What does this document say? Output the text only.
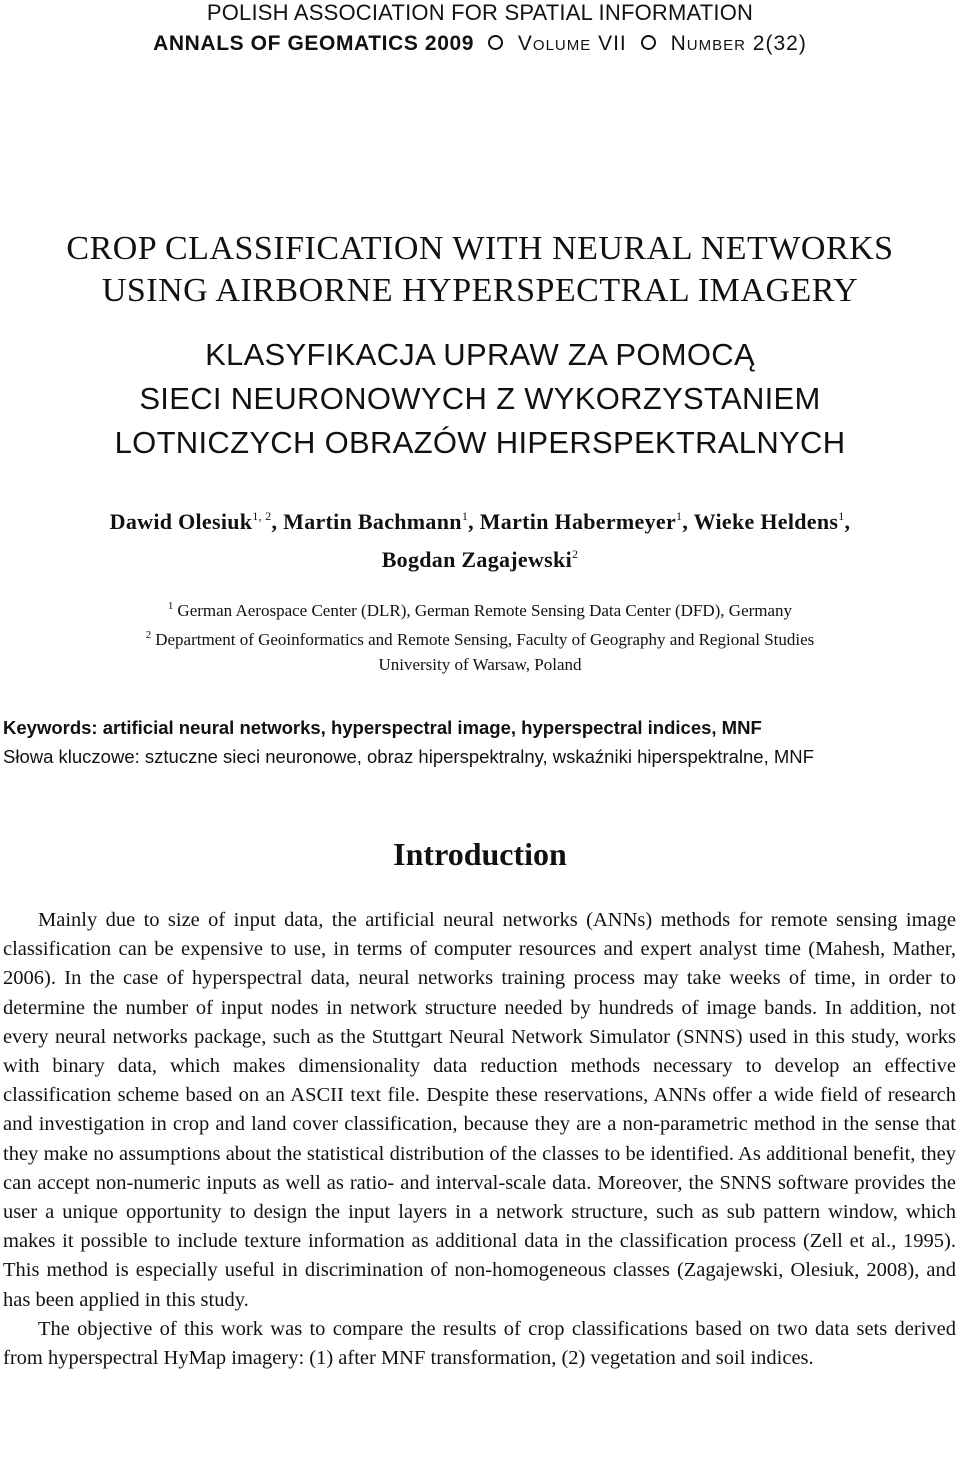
POLISH ASSOCIATION FOR SPATIAL INFORMATION
ANNALS OF GEOMATICS 2009 Volume VII Number 2(32)
CROP CLASSIFICATION WITH NEURAL NETWORKS
USING AIRBORNE HYPERSPECTRAL IMAGERY
KLASYFIKACJA UPRAW ZA POMOCĄ
SIECI NEURONOWYCH Z WYKORZYSTANIEM
LOTNICZYCH OBRAZÓW HIPERSPEKTRALNYCH
Dawid Olesiuk$^{1, 2}$, Martin Bachmann$^1$, Martin Habermeyer$^1$, Wieke Heldens$^1$,
Bogdan Zagajewski$^2$
$^1$ German Aerospace Center (DLR), German Remote Sensing Data Center (DFD), Germany
$^2$ Department of Geoinformatics and Remote Sensing, Faculty of Geography and Regional Studies
University of Warsaw, Poland
Keywords: artificial neural networks, hyperspectral image, hyperspectral indices, MNF
Słowa kluczowe: sztuczne sieci neuronowe, obraz hiperspektralny, wskaźniki hiperspektralne, MNF
Introduction

Mainly due to size of input data, the artificial neural networks (ANNs) methods for remote sensing image classification can be expensive to use, in terms of computer resources and expert analyst time (Mahesh, Mather, 2006). In the case of hyperspectral data, neural networks training process may take weeks of time, in order to determine the number of input nodes in network structure needed by hundreds of image bands. In addition, not every neural networks package, such as the Stuttgart Neural Network Simulator (SNNS) used in this study, works with binary data, which makes dimensionality data reduction methods necessary to develop an effective classification scheme based on an ASCII text file. Despite these reservations, ANNs offer a wide field of research and investigation in crop and land cover classification, because they are a non-parametric method in the sense that they make no assumptions about the statistical distribution of the classes to be identified. As additional benefit, they can accept non-numeric inputs as well as ratio- and interval-scale data. Moreover, the SNNS software provides the user a unique opportunity to design the input layers in a network structure, such as sub pattern window, which makes it possible to include texture information as additional data in the classification process (Zell et al., 1995). This method is especially useful in discrimination of non-homogeneous classes (Zagajewski, Olesiuk, 2008), and has been applied in this study.

The objective of this work was to compare the results of crop classifications based on two data sets derived from hyperspectral HyMap imagery: (1) after MNF transformation, (2) vegetation and soil indices.
